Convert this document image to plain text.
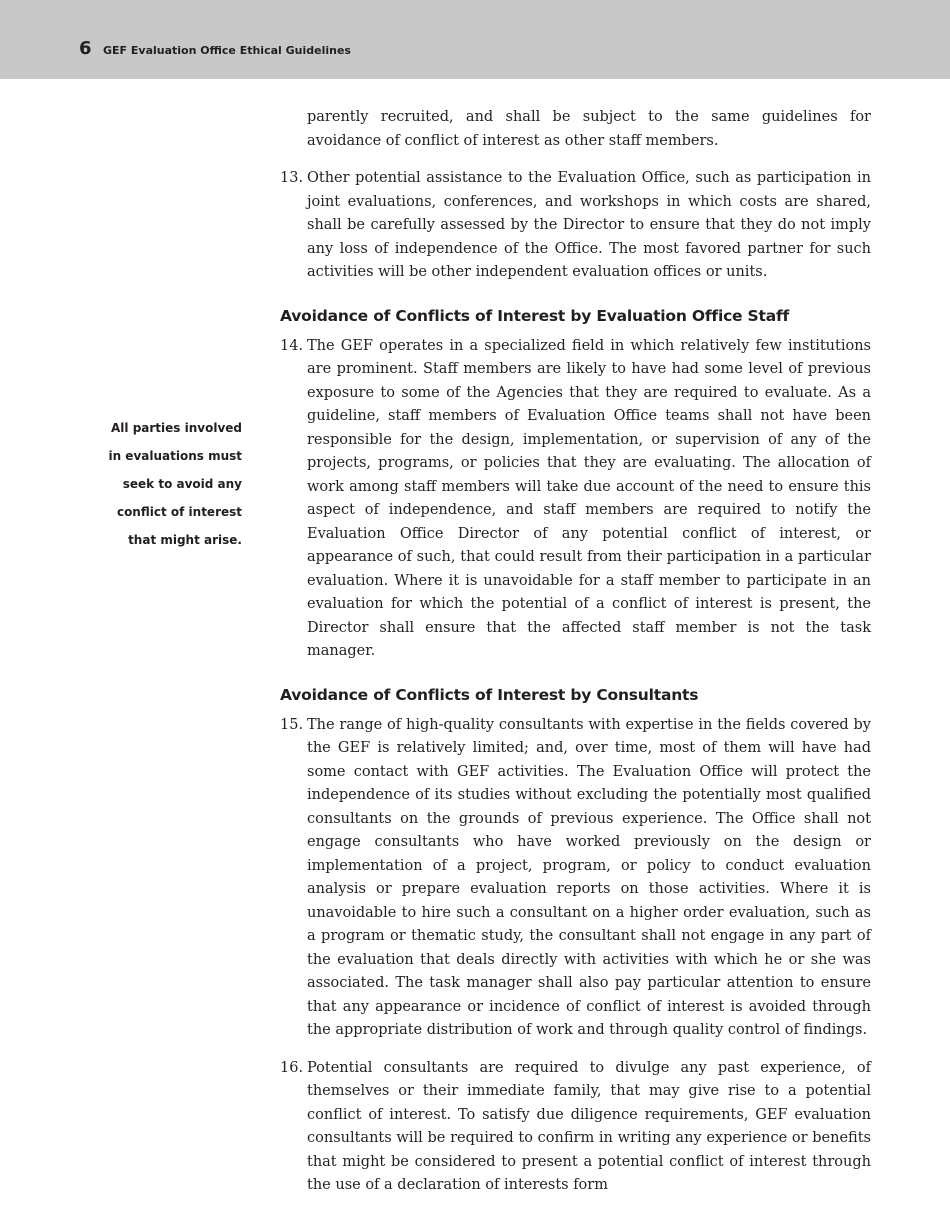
6 GEF Evaluation Office Ethical Guidelines
All parties involved
in evaluations must
seek to avoid any
conflict of interest
that might arise.

parently recruited, and shall be subject to the same guidelines for avoidance of conflict of interest as other staff members.

13. Other potential assistance to the Evaluation Office, such as participation in joint evaluations, conferences, and workshops in which costs are shared, shall be carefully assessed by the Director to ensure that they do not imply any loss of independence of the Office. The most favored partner for such activities will be other independent evaluation offices or units.
Avoidance of Conflicts of Interest by Evaluation Office Staff
14. The GEF operates in a specialized field in which relatively few institutions are prominent. Staff members are likely to have had some level of previous exposure to some of the Agencies that they are required to evaluate. As a guideline, staff members of Evaluation Office teams shall not have been responsible for the design, implementation, or supervision of any of the projects, programs, or policies that they are evaluating. The allocation of work among staff members will take due account of the need to ensure this aspect of independence, and staff members are required to notify the Evaluation Office Director of any potential conflict of interest, or appearance of such, that could result from their participation in a particular evaluation. Where it is unavoidable for a staff member to participate in an evaluation for which the potential of a conflict of interest is present, the Director shall ensure that the affected staff member is not the task manager.
Avoidance of Conflicts of Interest by Consultants
15. The range of high-quality consultants with expertise in the fields covered by the GEF is relatively limited; and, over time, most of them will have had some contact with GEF activities. The Evaluation Office will protect the independence of its studies without excluding the potentially most qualified consultants on the grounds of previous experience. The Office shall not engage consultants who have worked previously on the design or implementation of a project, program, or policy to conduct evaluation analysis or prepare evaluation reports on those activities. Where it is unavoidable to hire such a consultant on a higher order evaluation, such as a program or thematic study, the consultant shall not engage in any part of the evaluation that deals directly with activities with which he or she was associated. The task manager shall also pay particular attention to ensure that any appearance or incidence of conflict of interest is avoided through the appropriate distribution of work and through quality control of findings.
16. Potential consultants are required to divulge any past experience, of themselves or their immediate family, that may give rise to a potential conflict of interest. To satisfy due diligence requirements, GEF evaluation consultants will be required to confirm in writing any experience or benefits that might be considered to present a potential conflict of interest through the use of a declaration of interests form
